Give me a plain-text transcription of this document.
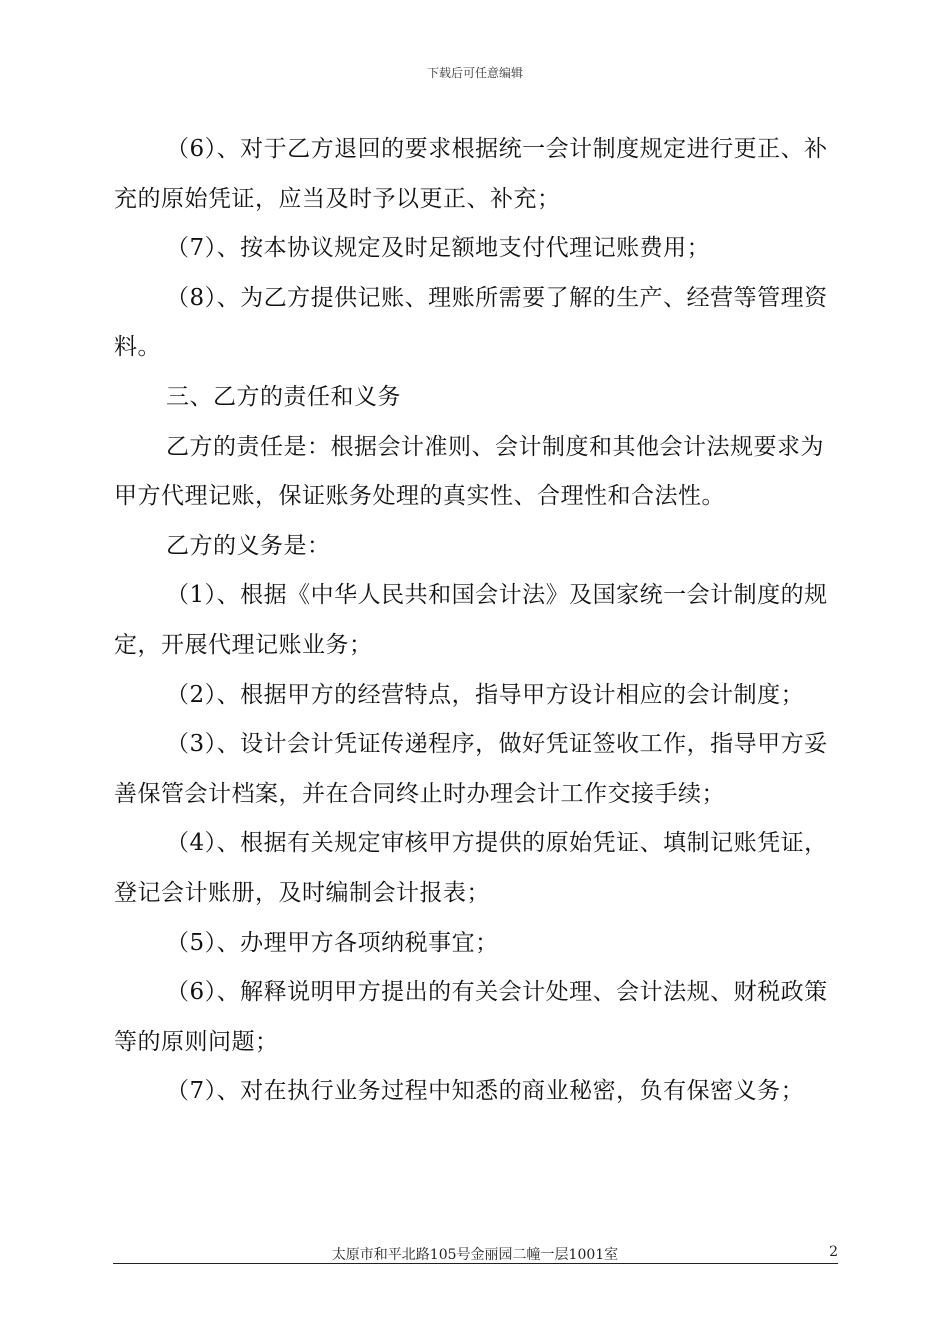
下载后可任意编辑

（6）、对于乙方退回的要求根据统一会计制度规定进行更正、补充的原始凭证，应当及时予以更正、补充；

（7）、按本协议规定及时足额地支付代理记账费用；

（8）、为乙方提供记账、理账所需要了解的生产、经营等管理资料。

三、乙方的责任和义务

乙方的责任是：根据会计准则、会计制度和其他会计法规要求为甲方代理记账，保证账务处理的真实性、合理性和合法性。

乙方的义务是：

（1）、根据《中华人民共和国会计法》及国家统一会计制度的规定，开展代理记账业务；

（2）、根据甲方的经营特点，指导甲方设计相应的会计制度；

（3）、设计会计凭证传递程序，做好凭证签收工作，指导甲方妥善保管会计档案，并在合同终止时办理会计工作交接手续；

（4）、根据有关规定审核甲方提供的原始凭证、填制记账凭证，登记会计账册，及时编制会计报表；

（5）、办理甲方各项纳税事宜；

（6）、解释说明甲方提出的有关会计处理、会计法规、财税政策等的原则问题；

（7）、对在执行业务过程中知悉的商业秘密，负有保密义务；

太原市和平北路105号金丽园二幢一层1001室	2
